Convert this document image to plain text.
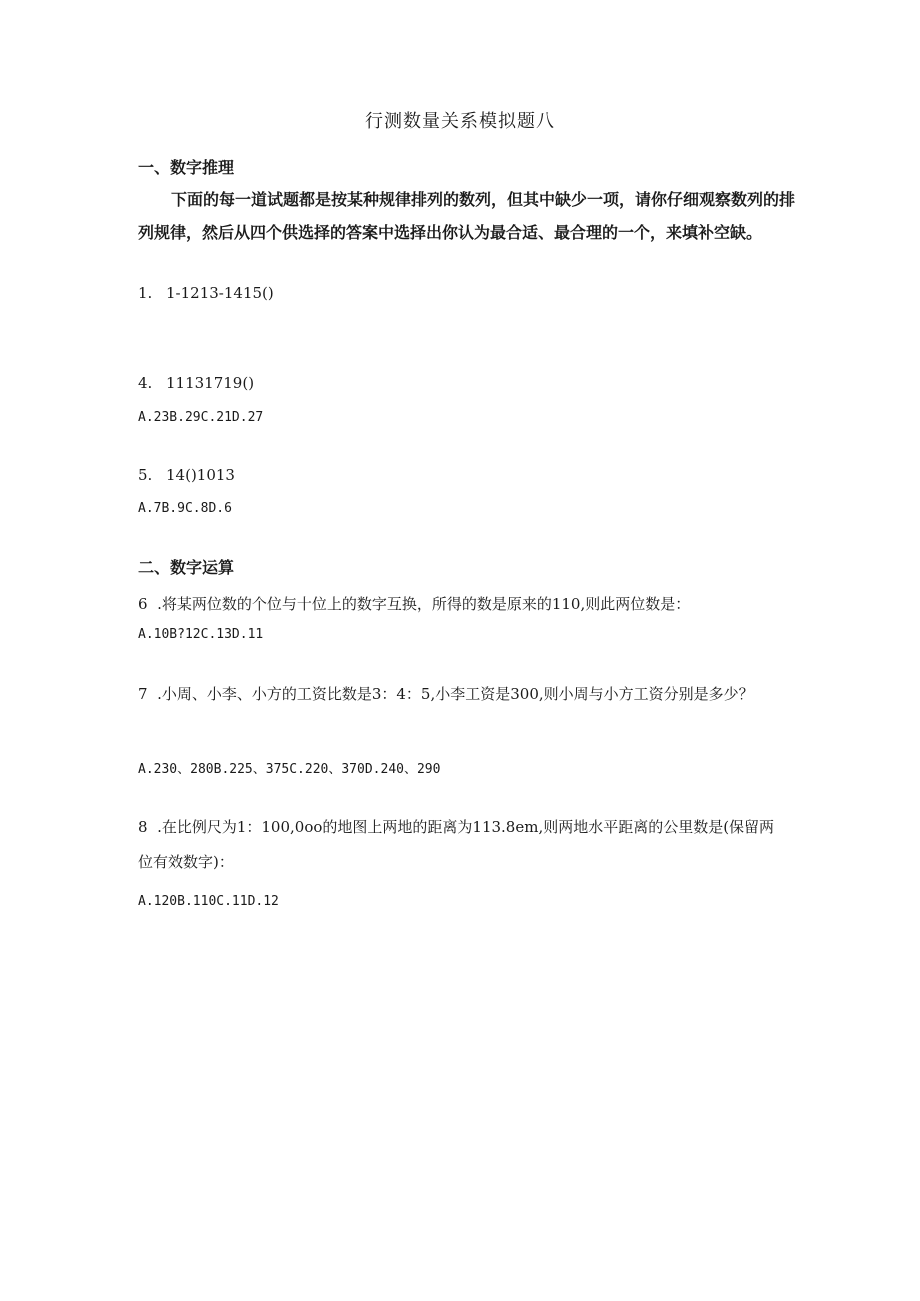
行测数量关系模拟题八
一、数字推理
下面的每一道试题都是按某种规律排列的数列，但其中缺少一项，请你仔细观察数列的排列规律，然后从四个供选择的答案中选择出你认为最合适、最合理的一个，来填补空缺。
1. 1-1213-1415()
4. 11131719()
A.23B.29C.21D.27
5. 14()1013
A.7B.9C.8D.6
二、数字运算
6  .将某两位数的个位与十位上的数字互换，所得的数是原来的110,则此两位数是：
A.10B?12C.13D.11
7  .小周、小李、小方的工资比数是3：4：5,小李工资是300,则小周与小方工资分别是多少？
A.230、280B.225、375C.220、370D.240、290
8  .在比例尺为1：100,0oo的地图上两地的距离为113.8em,则两地水平距离的公里数是(保留两位有效数字)：
A.120B.110C.11D.12
